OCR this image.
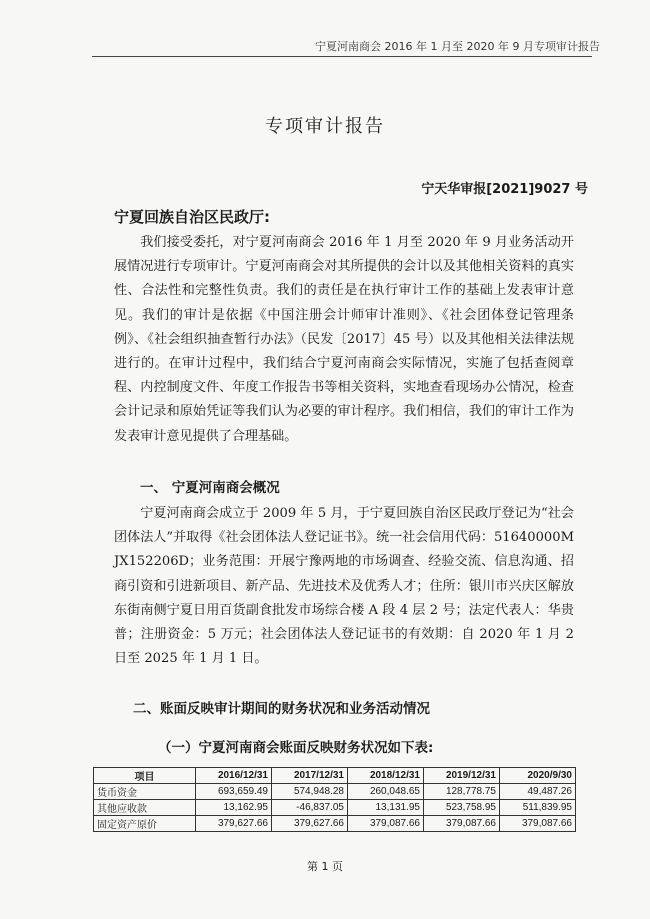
宁夏河南商会 2016 年 1 月至 2020 年 9 月专项审计报告
专项审计报告
宁天华审报[2021]9027 号
宁夏回族自治区民政厅:

我们接受委托，对宁夏河南商会 2016 年 1 月至 2020 年 9 月业务活动开展情况进行专项审计。宁夏河南商会对其所提供的会计以及其他相关资料的真实性、合法性和完整性负责。我们的责任是在执行审计工作的基础上发表审计意见。我们的审计是依据《中国注册会计师审计准则》、《社会团体登记管理条例》、《社会组织抽查暂行办法》（民发〔2017〕45 号）以及其他相关法律法规进行的。在审计过程中，我们结合宁夏河南商会实际情况，实施了包括查阅章程、内控制度文件、年度工作报告书等相关资料，实地查看现场办公情况，检查会计记录和原始凭证等我们认为必要的审计程序。我们相信，我们的审计工作为发表审计意见提供了合理基础。

一、 宁夏河南商会概况

宁夏河南商会成立于 2009 年 5 月，于宁夏回族自治区民政厅登记为“社会团体法人”并取得《社会团体法人登记证书》。统一社会信用代码：51640000MJX152206D；业务范围：开展宁豫两地的市场调查、经验交流、信息沟通、招商引资和引进新项目、新产品、先进技术及优秀人才；住所：银川市兴庆区解放东街南侧宁夏日用百货副食批发市场综合楼 A 段 4 层 2 号；法定代表人：华贵普；注册资金：5 万元；社会团体法人登记证书的有效期：自 2020 年 1 月 2 日至 2025 年 1 月 1 日。

二、账面反映审计期间的财务状况和业务活动情况
（一）宁夏河南商会账面反映财务状况如下表:
项目	2016/12/31	2017/12/31	2018/12/31	2019/12/31	2020/9/30
货币资金	693,659.49	574,948.28	260,048.65	128,778.75	49,487.26
其他应收款	13,162.95	-46,837.05	13,131.95	523,758.95	511,839.95
固定资产原价	379,627.66	379,627.66	379,087.66	379,087.66	379,087.66
第 1 页
